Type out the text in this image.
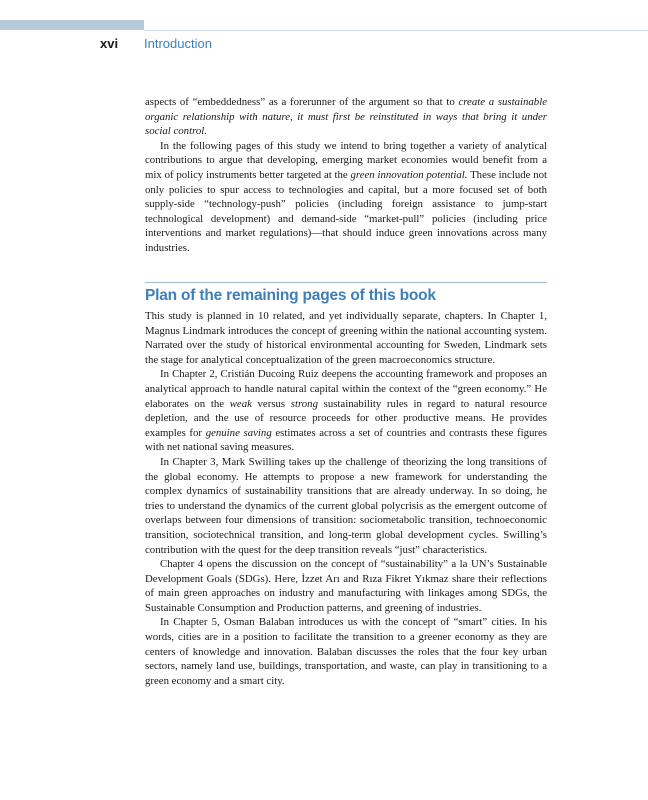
xvi Introduction

aspects of “embeddedness” as a forerunner of the argument so that to create a sustainable organic relationship with nature, it must first be reinstituted in ways that bring it under social control.

In the following pages of this study we intend to bring together a variety of analytical contributions to argue that developing, emerging market economies would benefit from a mix of policy instruments better targeted at the green innovation potential. These include not only policies to spur access to technologies and capital, but a more focused set of both supply-side “technology-push” policies (including foreign assistance to jump-start technological development) and demand-side “market-pull” policies (including price interventions and market regulations)—that should induce green innovations across many industries.

Plan of the remaining pages of this book

This study is planned in 10 related, and yet individually separate, chapters. In Chapter 1, Magnus Lindmark introduces the concept of greening within the national accounting system. Narrated over the study of historical environmental accounting for Sweden, Lindmark sets the stage for analytical conceptualization of the green macroeconomics structure.

In Chapter 2, Cristián Ducoing Ruiz deepens the accounting framework and proposes an analytical approach to handle natural capital within the context of the “green economy.” He elaborates on the weak versus strong sustainability rules in regard to natural resource depletion, and the use of resource proceeds for other productive means. He provides examples for genuine saving estimates across a set of countries and contrasts these figures with net national saving measures.

In Chapter 3, Mark Swilling takes up the challenge of theorizing the long transitions of the global economy. He attempts to propose a new framework for understanding the complex dynamics of sustainability transitions that are already underway. In so doing, he tries to understand the dynamics of the current global polycrisis as the emergent outcome of overlaps between four dimensions of transition: sociometabolic transition, technoeconomic transition, sociotechnical transition, and long-term global development cycles. Swilling’s contribution with the quest for the deep transition reveals “just” characteristics.

Chapter 4 opens the discussion on the concept of “sustainability” a la UN’s Sustainable Development Goals (SDGs). Here, İzzet Arı and Rıza Fikret Yıkmaz share their reflections of main green approaches on industry and manufacturing with linkages among SDGs, the Sustainable Consumption and Production patterns, and greening of industries.

In Chapter 5, Osman Balaban introduces us with the concept of “smart” cities. In his words, cities are in a position to facilitate the transition to a greener economy as they are centers of knowledge and innovation. Balaban discusses the roles that the four key urban sectors, namely land use, buildings, transportation, and waste, can play in transitioning to a green economy and a smart city.
